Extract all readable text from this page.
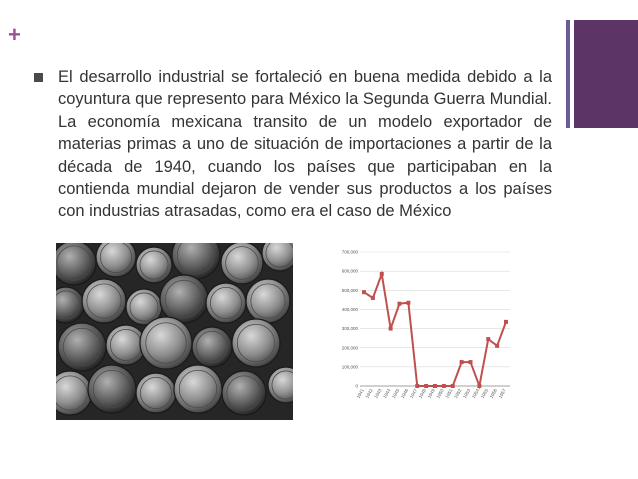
+

El desarrollo industrial se fortaleció en buena medida debido a la coyuntura que represento para México la Segunda Guerra Mundial. La economía mexicana transito de un modelo exportador de materias primas a uno de situación de importaciones a partir de la década de 1940, cuando los países que participaban en la contienda mundial dejaron de vender sus productos a los países con industrias atrasadas, como era el caso de México

0
100,000
200,000
300,000
400,000
500,000
600,000
700,000
1941 1942 1943 1944 1945 1946 1947 1948 1949 1950 1951 1952 1953 1954 1955 1956 1957
